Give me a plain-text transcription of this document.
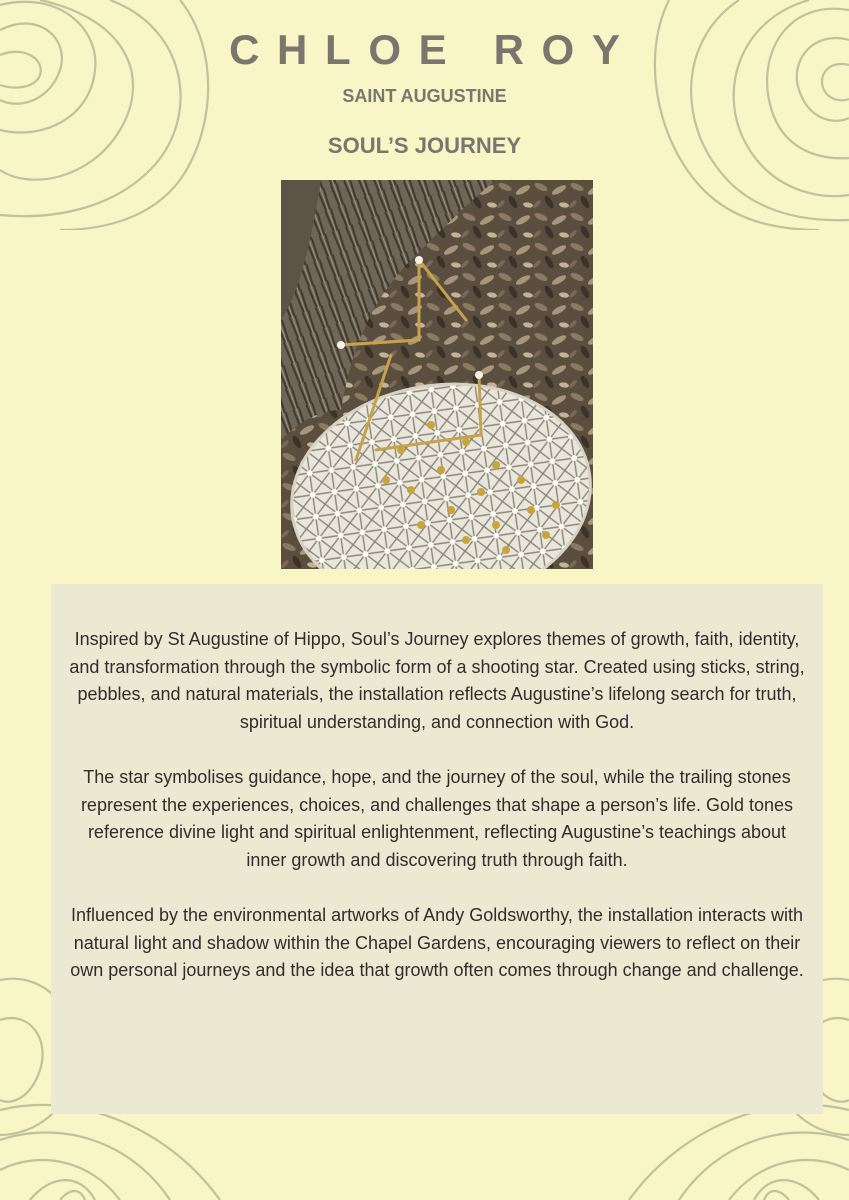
CHLOE ROY
SAINT AUGUSTINE
SOUL’S JOURNEY

Inspired by St Augustine of Hippo, Soul’s Journey explores themes of growth, faith, identity, and transformation through the symbolic form of a shooting star. Created using sticks, string, pebbles, and natural materials, the installation reflects Augustine’s lifelong search for truth, spiritual understanding, and connection with God.

The star symbolises guidance, hope, and the journey of the soul, while the trailing stones represent the experiences, choices, and challenges that shape a person’s life. Gold tones reference divine light and spiritual enlightenment, reflecting Augustine’s teachings about inner growth and discovering truth through faith.

Influenced by the environmental artworks of Andy Goldsworthy, the installation interacts with natural light and shadow within the Chapel Gardens, encouraging viewers to reflect on their own personal journeys and the idea that growth often comes through change and challenge.
